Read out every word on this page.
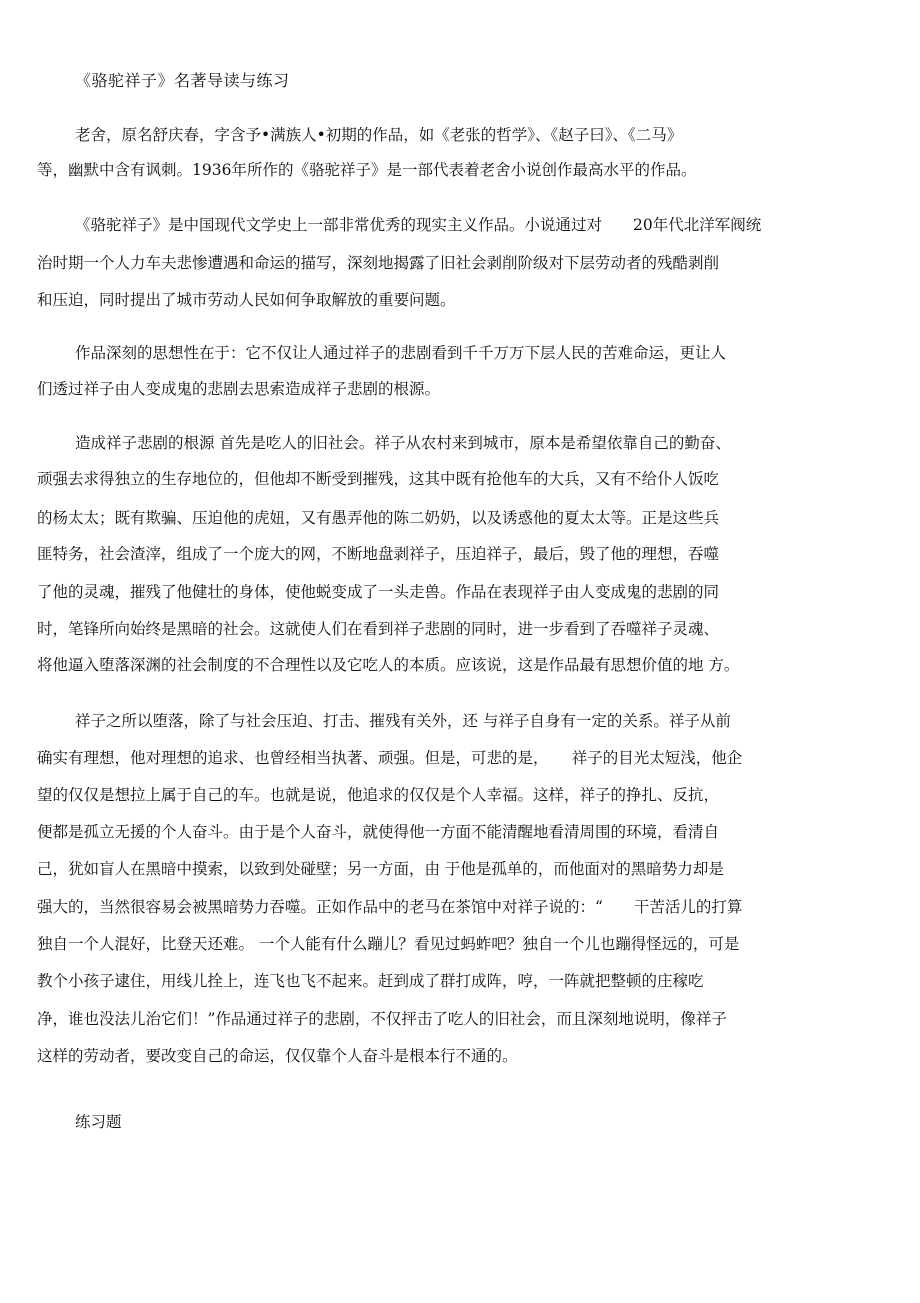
《骆驼祥子》名著导读与练习
老舍，原名舒庆春，字含予•满族人•初期的作品，如《老张的哲学》、《赵子曰》、《二马》
等，幽默中含有讽刺。1936年所作的《骆驼祥子》是一部代表着老舍小说创作最高水平的作品。
《骆驼祥子》是中国现代文学史上一部非常优秀的现实主义作品。小说通过对　　20年代北洋军阀统
治时期一个人力车夫悲惨遭遇和命运的描写，深刻地揭露了旧社会剥削阶级对下层劳动者的残酷剥削
和压迫，同时提出了城市劳动人民如何争取解放的重要问题。
作品深刻的思想性在于：它不仅让人通过祥子的悲剧看到千千万万下层人民的苦难命运，更让人
们透过祥子由人变成鬼的悲剧去思索造成祥子悲剧的根源。
造成祥子悲剧的根源 首先是吃人的旧社会。祥子从农村来到城市，原本是希望依靠自己的勤奋、
顽强去求得独立的生存地位的，但他却不断受到摧残，这其中既有抢他车的大兵，又有不给仆人饭吃
的杨太太；既有欺骗、压迫他的虎妞，又有愚弄他的陈二奶奶，以及诱惑他的夏太太等。正是这些兵
匪特务，社会渣滓，组成了一个庞大的网，不断地盘剥祥子，压迫祥子，最后，毁了他的理想，吞噬
了他的灵魂，摧残了他健壮的身体，使他蜕变成了一头走兽。作品在表现祥子由人变成鬼的悲剧的同
时，笔锋所向始终是黑暗的社会。这就使人们在看到祥子悲剧的同时，进一步看到了吞噬祥子灵魂、
将他逼入堕落深渊的社会制度的不合理性以及它吃人的本质。应该说，这是作品最有思想价值的地 方。
祥子之所以堕落，除了与社会压迫、打击、摧残有关外，还 与祥子自身有一定的关系。祥子从前
确实有理想，他对理想的追求、也曾经相当执著、顽强。但是，可悲的是，　　祥子的目光太短浅，他企
望的仅仅是想拉上属于自己的车。也就是说，他追求的仅仅是个人幸福。这样，祥子的挣扎、反抗，
便都是孤立无援的个人奋斗。由于是个人奋斗，就使得他一方面不能清醒地看清周围的环境，看清自
己，犹如盲人在黑暗中摸索，以致到处碰壁；另一方面，由 于他是孤单的，而他面对的黑暗势力却是
强大的，当然很容易会被黑暗势力吞噬。正如作品中的老马在茶馆中对祥子说的：“　　干苦活儿的打算
独自一个人混好，比登天还难。 一个人能有什么蹦儿？看见过蚂蚱吧？独自一个儿也蹦得怪远的，可是
教个小孩子逮住，用线儿拴上，连飞也飞不起来。赶到成了群打成阵，哼，一阵就把整顿的庄稼吃
净，谁也没法儿治它们！”作品通过祥子的悲剧，不仅抨击了吃人的旧社会，而且深刻地说明，像祥子
这样的劳动者，要改变自己的命运，仅仅靠个人奋斗是根本行不通的。
练习题
